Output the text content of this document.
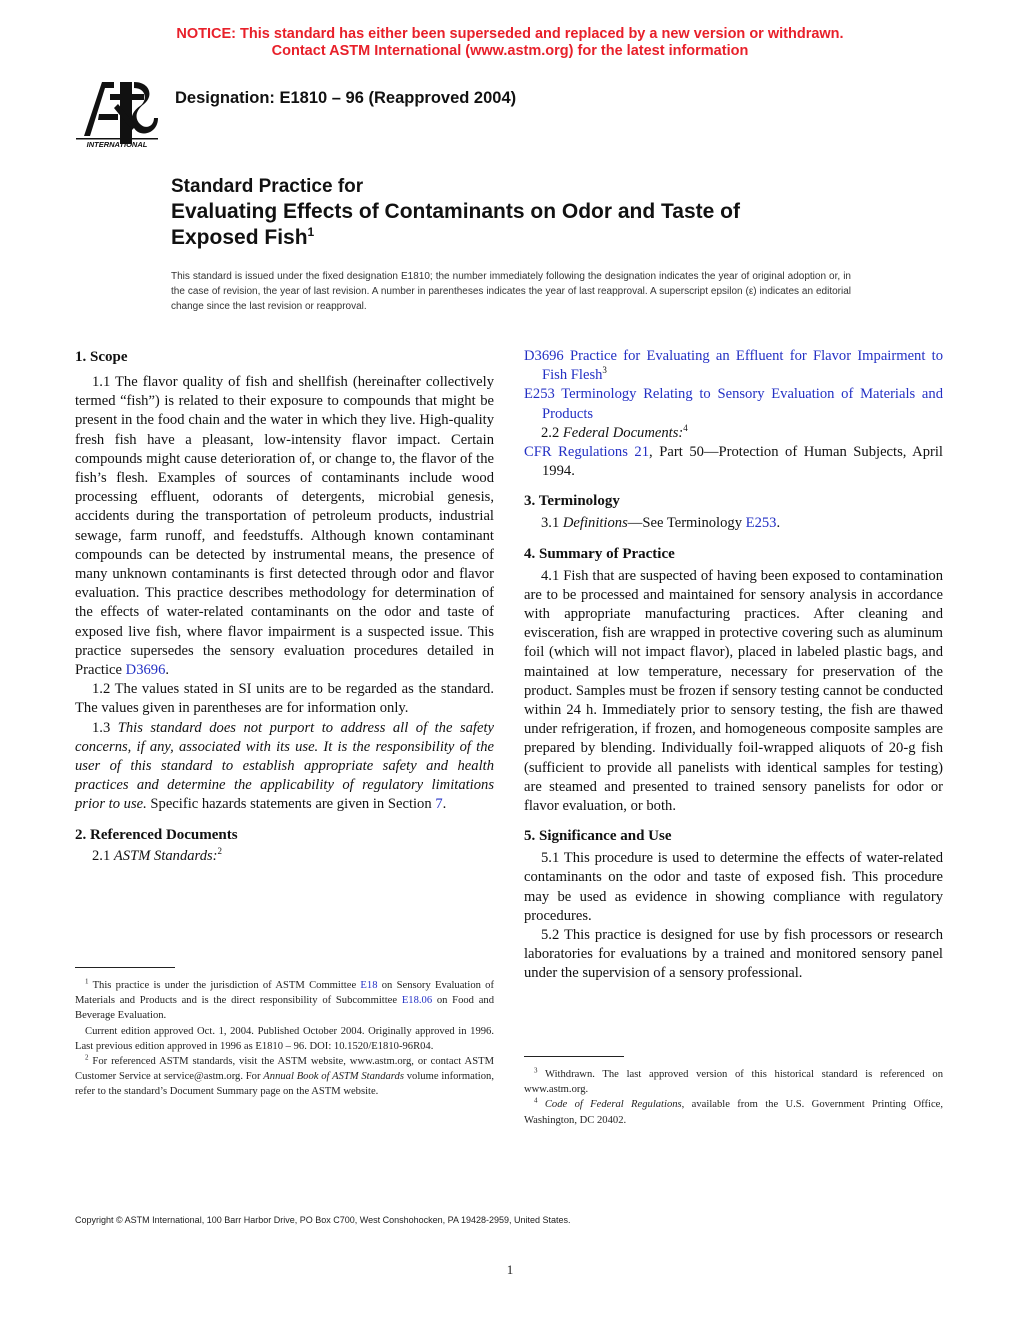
NOTICE: This standard has either been superseded and replaced by a new version or withdrawn.
Contact ASTM International (www.astm.org) for the latest information
INTERNATIONAL
Designation: E1810 – 96 (Reapproved 2004)
Standard Practice for
Evaluating Effects of Contaminants on Odor and Taste of
Exposed Fish$^1$
This standard is issued under the fixed designation E1810; the number immediately following the designation indicates the year of original adoption or, in the case of revision, the year of last revision. A number in parentheses indicates the year of last reapproval. A superscript epsilon (ε) indicates an editorial change since the last revision or reapproval.
1. Scope

1.1 The flavor quality of fish and shellfish (hereinafter collectively termed “fish”) is related to their exposure to compounds that might be present in the food chain and the water in which they live. High-quality fresh fish have a pleasant, low-intensity flavor impact. Certain compounds might cause deterioration of, or change to, the flavor of the fish’s flesh. Examples of sources of contaminants include wood processing effluent, odorants of detergents, microbial genesis, accidents during the transportation of petroleum products, industrial sewage, farm runoff, and feedstuffs. Although known contaminant compounds can be detected by instrumental means, the presence of many unknown contaminants is first detected through odor and flavor evaluation. This practice describes methodology for determination of the effects of water-related contaminants on the odor and taste of exposed live fish, where flavor impairment is a suspected issue. This practice supersedes the sensory evaluation procedures detailed in Practice D3696.

1.2 The values stated in SI units are to be regarded as the standard. The values given in parentheses are for information only.

1.3 This standard does not purport to address all of the safety concerns, if any, associated with its use. It is the responsibility of the user of this standard to establish appropriate safety and health practices and determine the applicability of regulatory limitations prior to use. Specific hazards statements are given in Section 7.

2. Referenced Documents

2.1 ASTM Standards:$^2$

$^1$ This practice is under the jurisdiction of ASTM Committee E18 on Sensory Evaluation of Materials and Products and is the direct responsibility of Subcommittee E18.06 on Food and Beverage Evaluation.

Current edition approved Oct. 1, 2004. Published October 2004. Originally approved in 1996. Last previous edition approved in 1996 as E1810 – 96. DOI: 10.1520/E1810-96R04.

$^2$ For referenced ASTM standards, visit the ASTM website, www.astm.org, or contact ASTM Customer Service at service@astm.org. For Annual Book of ASTM Standards volume information, refer to the standard’s Document Summary page on the ASTM website.

D3696 Practice for Evaluating an Effluent for Flavor Impairment to Fish Flesh$^3$

E253 Terminology Relating to Sensory Evaluation of Materials and Products

2.2 Federal Documents:$^4$

CFR Regulations 21, Part 50—Protection of Human Subjects, April 1994.

3. Terminology

3.1 Definitions—See Terminology E253.

4. Summary of Practice

4.1 Fish that are suspected of having been exposed to contamination are to be processed and maintained for sensory analysis in accordance with appropriate manufacturing practices. After cleaning and evisceration, fish are wrapped in protective covering such as aluminum foil (which will not impact flavor), placed in labeled plastic bags, and maintained at low temperature, necessary for preservation of the product. Samples must be frozen if sensory testing cannot be conducted within 24 h. Immediately prior to sensory testing, the fish are thawed under refrigeration, if frozen, and homogeneous composite samples are prepared by blending. Individually foil-wrapped aliquots of 20-g fish (sufficient to provide all panelists with identical samples for testing) are steamed and presented to trained sensory panelists for odor or flavor evaluation, or both.

5. Significance and Use

5.1 This procedure is used to determine the effects of water-related contaminants on the odor and taste of exposed fish. This procedure may be used as evidence in showing compliance with regulatory procedures.

5.2 This practice is designed for use by fish processors or research laboratories for evaluations by a trained and monitored sensory panel under the supervision of a sensory professional.

$^3$ Withdrawn. The last approved version of this historical standard is referenced on www.astm.org.

$^4$ Code of Federal Regulations, available from the U.S. Government Printing Office, Washington, DC 20402.

Copyright © ASTM International, 100 Barr Harbor Drive, PO Box C700, West Conshohocken, PA 19428-2959, United States.
1
